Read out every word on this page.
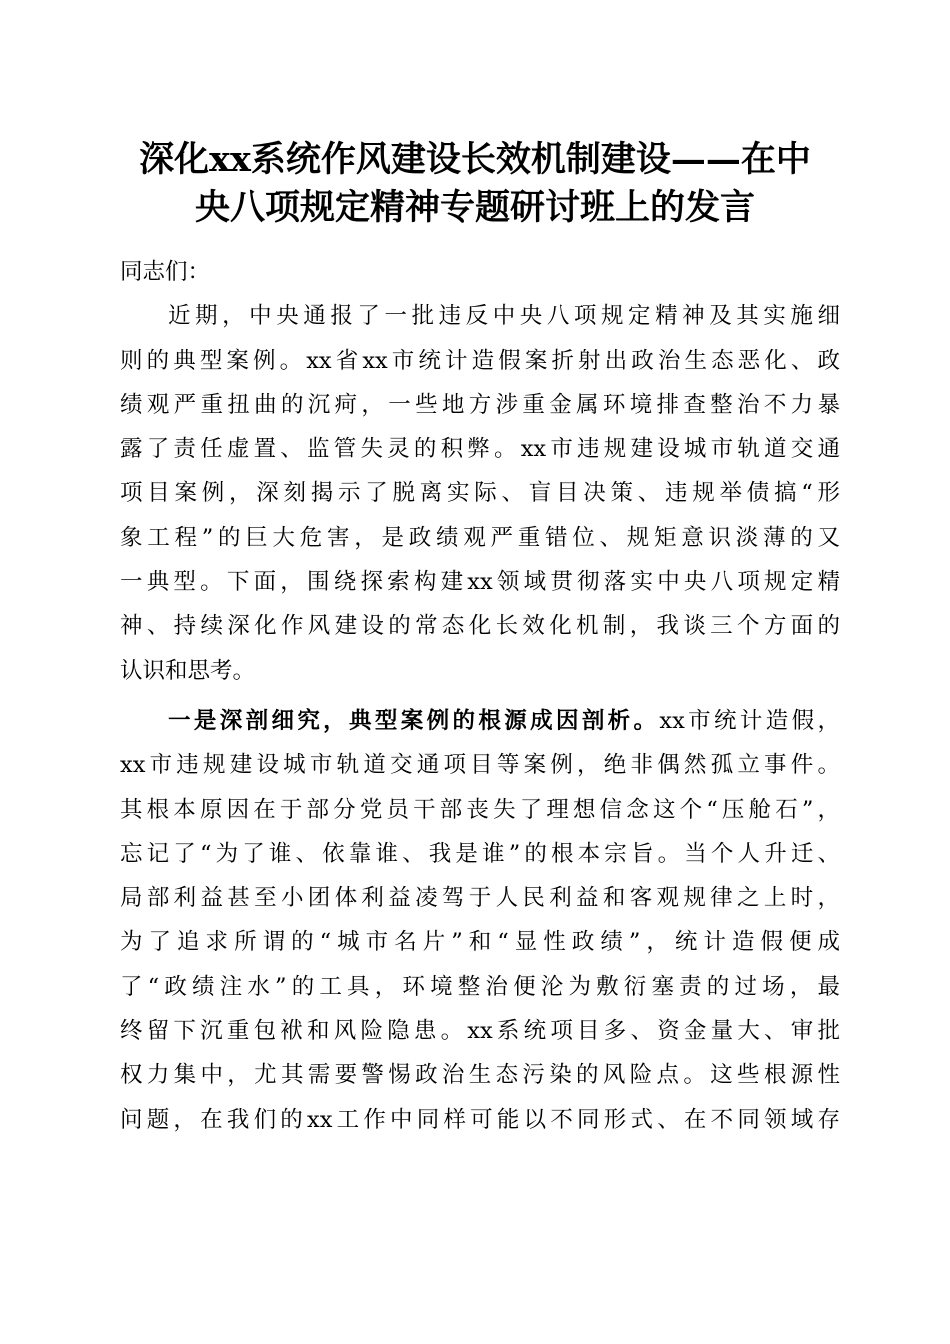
深化xx系统作风建设长效机制建设——在中
央八项规定精神专题研讨班上的发言
同志们：
近期，中央通报了一批违反中央八项规定精神及其实施细
则的典型案例。xx省xx市统计造假案折射出政治生态恶化、政
绩观严重扭曲的沉疴，一些地方涉重金属环境排查整治不力暴
露了责任虚置、监管失灵的积弊。xx市违规建设城市轨道交通
项目案例，深刻揭示了脱离实际、盲目决策、违规举债搞“形
象工程”的巨大危害，是政绩观严重错位、规矩意识淡薄的又
一典型。下面，围绕探索构建xx领域贯彻落实中央八项规定精
神、持续深化作风建设的常态化长效化机制，我谈三个方面的
认识和思考。
一是深剖细究，典型案例的根源成因剖析。xx市统计造假，
xx市违规建设城市轨道交通项目等案例，绝非偶然孤立事件。
其根本原因在于部分党员干部丧失了理想信念这个“压舱石”，
忘记了“为了谁、依靠谁、我是谁”的根本宗旨。当个人升迁、
局部利益甚至小团体利益凌驾于人民利益和客观规律之上时，
为了追求所谓的“城市名片”和“显性政绩”，统计造假便成
了“政绩注水”的工具，环境整治便沦为敷衍塞责的过场，最
终留下沉重包袱和风险隐患。xx系统项目多、资金量大、审批
权力集中，尤其需要警惕政治生态污染的风险点。这些根源性
问题，在我们的xx工作中同样可能以不同形式、在不同领域存
